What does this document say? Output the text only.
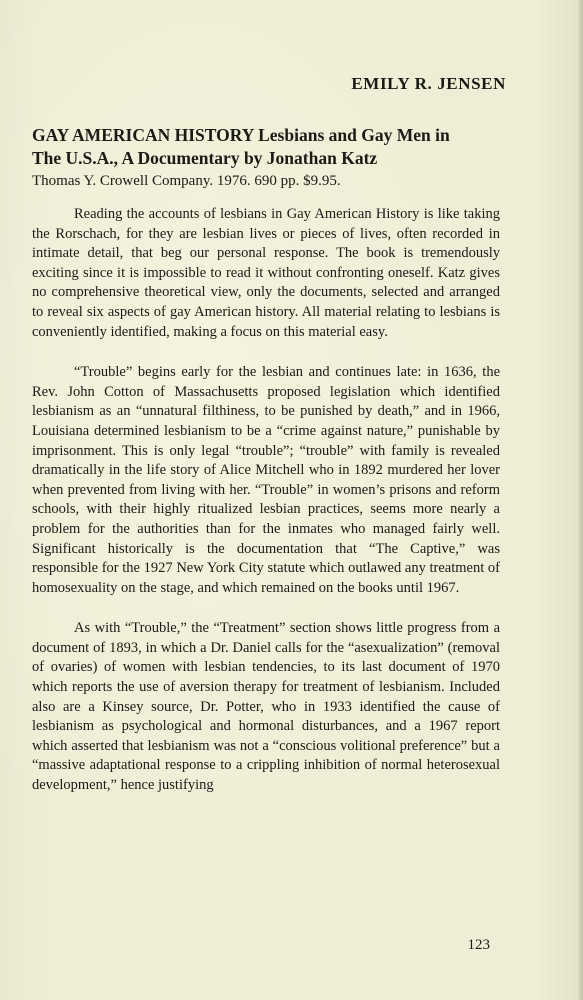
EMILY R. JENSEN
GAY AMERICAN HISTORY Lesbians and Gay Men in
The U.S.A., A Documentary by Jonathan Katz

Thomas Y. Crowell Company. 1976. 690 pp. $9.95.

Reading the accounts of lesbians in Gay American History is like taking the Rorschach, for they are lesbian lives or pieces of lives, often recorded in intimate detail, that beg our personal response. The book is tremendously exciting since it is impossible to read it without confronting oneself. Katz gives no comprehensive theoretical view, only the documents, selected and arranged to reveal six aspects of gay American history. All material relating to lesbians is conveniently identified, making a focus on this material easy.

“Trouble” begins early for the lesbian and continues late: in 1636, the Rev. John Cotton of Massachusetts proposed legislation which identified lesbianism as an “unnatural filthiness, to be punished by death,” and in 1966, Louisiana determined lesbianism to be a “crime against nature,” punishable by imprisonment. This is only legal “trouble”; “trouble” with family is revealed dramatically in the life story of Alice Mitchell who in 1892 murdered her lover when prevented from living with her. “Trouble” in women’s prisons and reform schools, with their highly ritualized lesbian practices, seems more nearly a problem for the authorities than for the inmates who managed fairly well. Significant historically is the documentation that “The Captive,” was responsible for the 1927 New York City statute which outlawed any treatment of homosexuality on the stage, and which remained on the books until 1967.

As with “Trouble,” the “Treatment” section shows little progress from a document of 1893, in which a Dr. Daniel calls for the “asexualization” (removal of ovaries) of women with lesbian tendencies, to its last document of 1970 which reports the use of aversion therapy for treatment of lesbianism. Included also are a Kinsey source, Dr. Potter, who in 1933 identified the cause of lesbianism as psychological and hormonal disturbances, and a 1967 report which asserted that lesbianism was not a “conscious volitional preference” but a “massive adaptational response to a crippling inhibition of normal heterosexual development,” hence justifying

123
